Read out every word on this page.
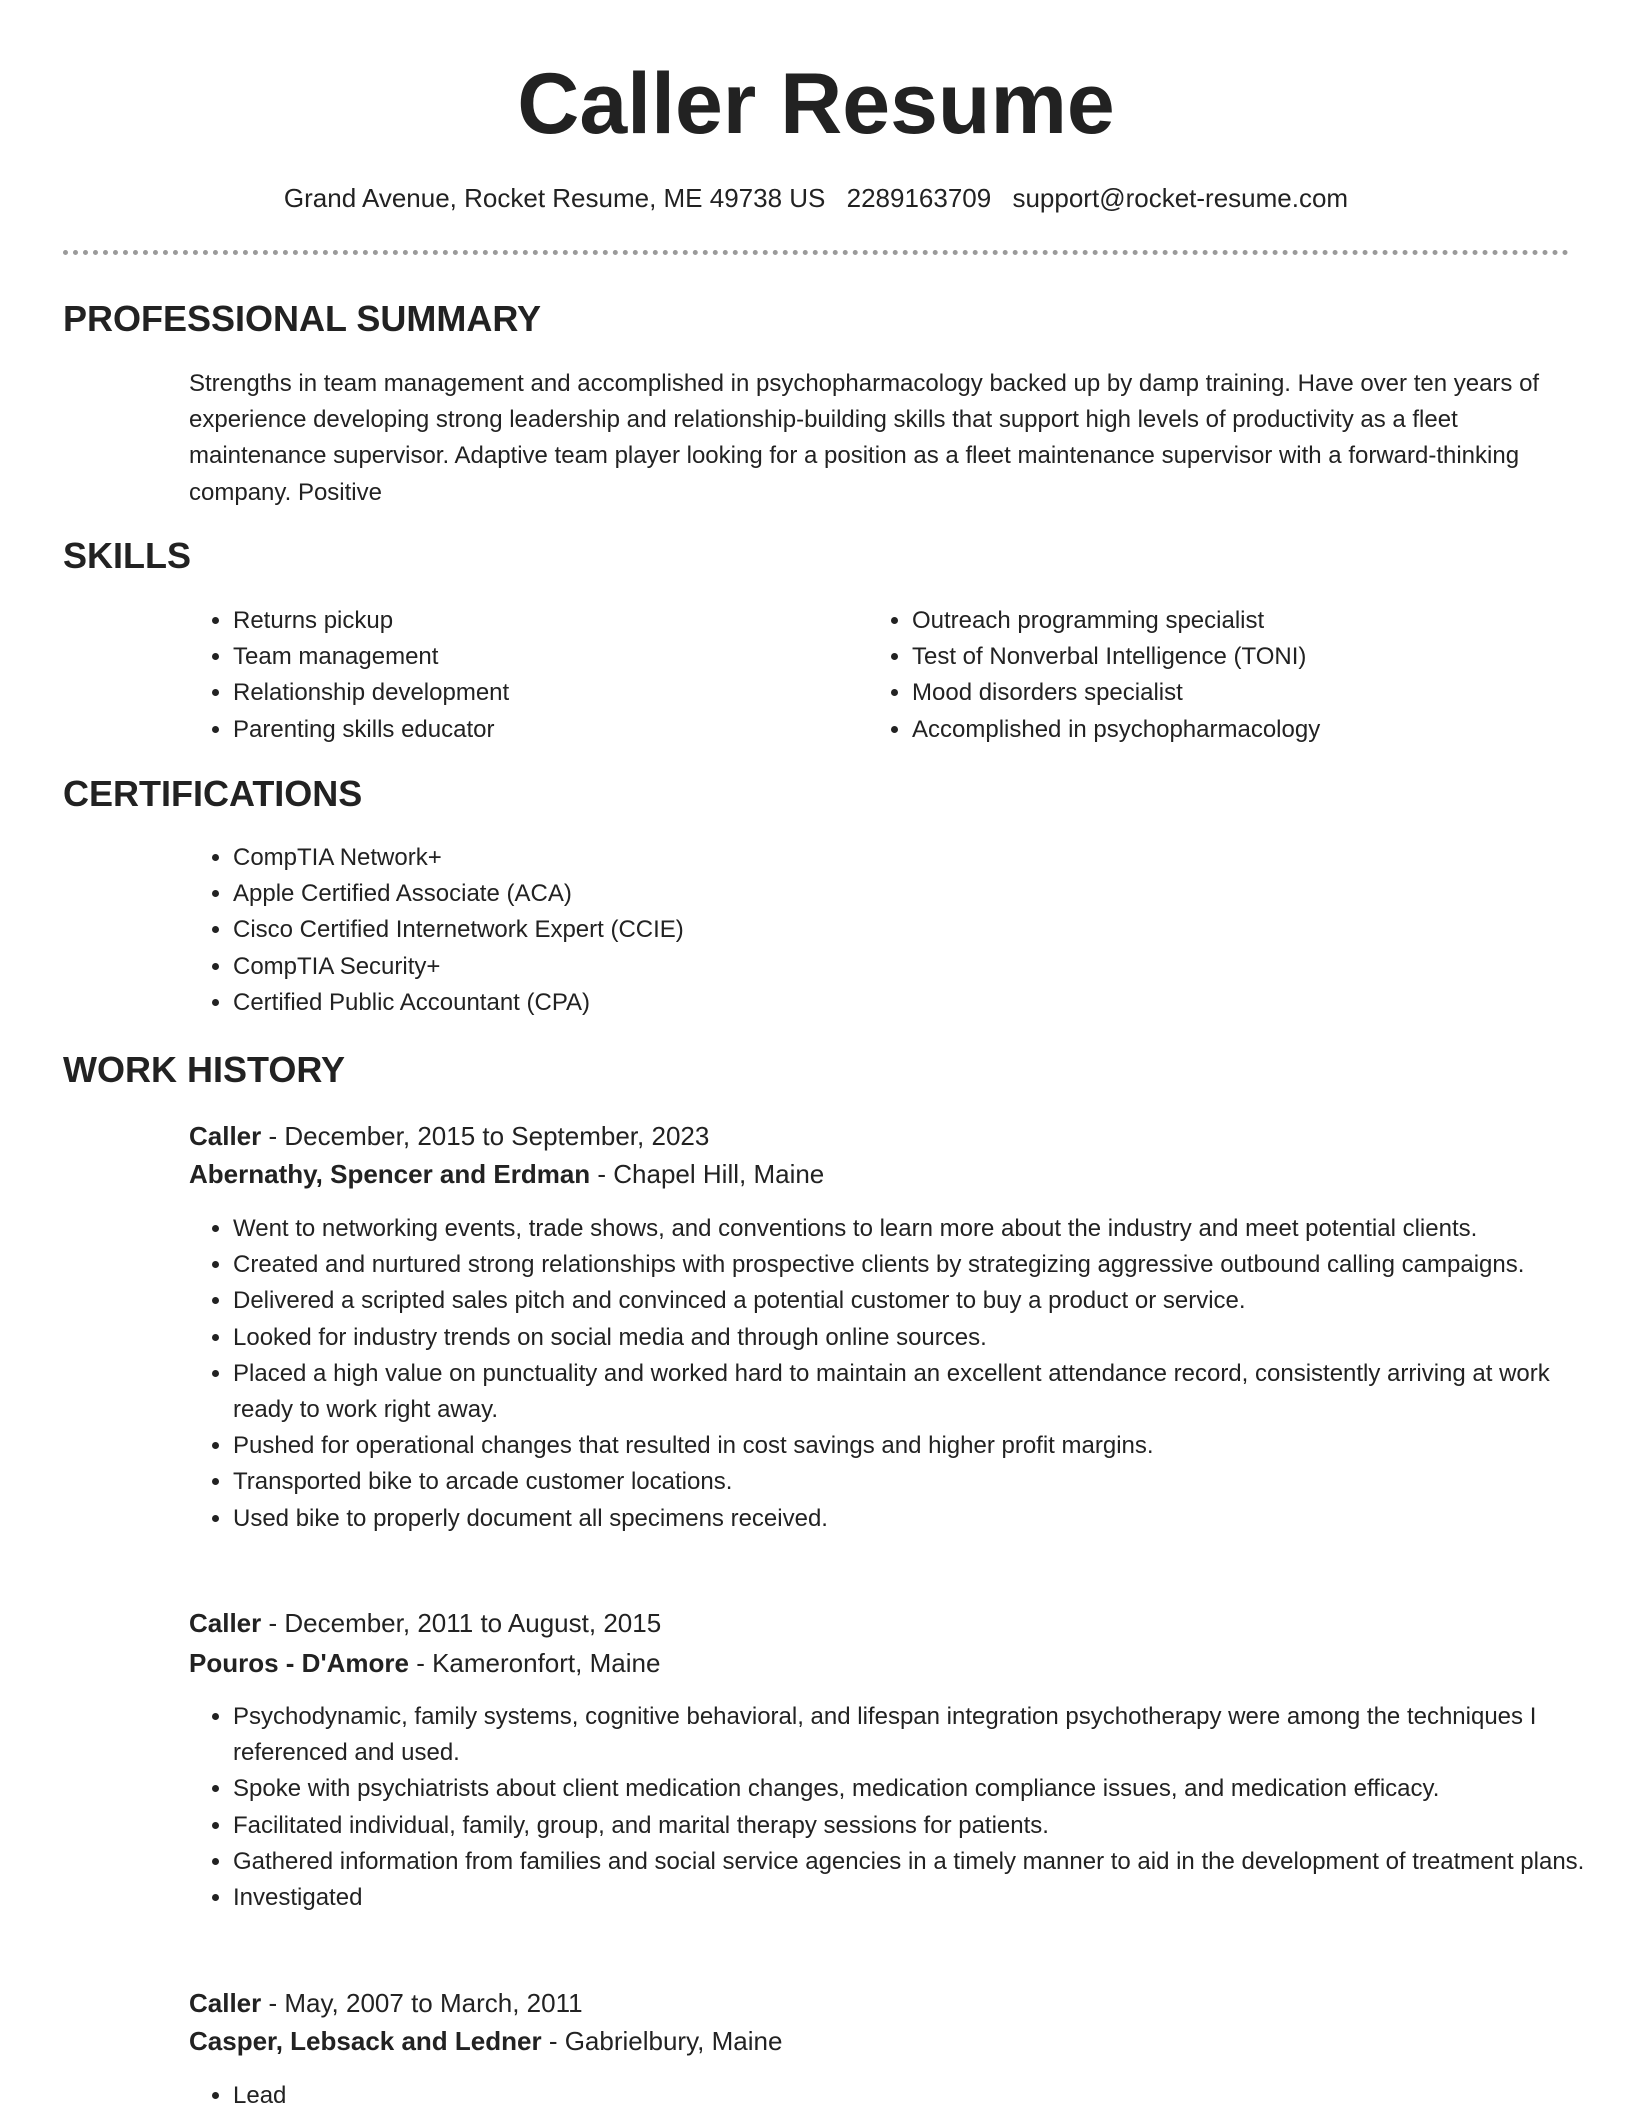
Caller Resume
Grand Avenue, Rocket Resume, ME 49738 US 2289163709 support@rocket-resume.com
PROFESSIONAL SUMMARY

Strengths in team management and accomplished in psychopharmacology backed up by damp training. Have over ten years of experience developing strong leadership and relationship-building skills that support high levels of productivity as a fleet maintenance supervisor. Adaptive team player looking for a position as a fleet maintenance supervisor with a forward-thinking company. Positive

SKILLS
• Returns pickup
• Team management
• Relationship development
• Parenting skills educator
• Outreach programming specialist
• Test of Nonverbal Intelligence (TONI)
• Mood disorders specialist
• Accomplished in psychopharmacology
CERTIFICATIONS
• CompTIA Network+
• Apple Certified Associate (ACA)
• Cisco Certified Internetwork Expert (CCIE)
• CompTIA Security+
• Certified Public Accountant (CPA)
WORK HISTORY

Caller - December, 2015 to September, 2023

Abernathy, Spencer and Erdman - Chapel Hill, Maine

• Went to networking events, trade shows, and conventions to learn more about the industry and meet potential clients.
• Created and nurtured strong relationships with prospective clients by strategizing aggressive outbound calling campaigns.
• Delivered a scripted sales pitch and convinced a potential customer to buy a product or service.
• Looked for industry trends on social media and through online sources.
• Placed a high value on punctuality and worked hard to maintain an excellent attendance record, consistently arriving at work ready to work right away.
• Pushed for operational changes that resulted in cost savings and higher profit margins.
• Transported bike to arcade customer locations.
• Used bike to properly document all specimens received.

Caller - December, 2011 to August, 2015

Pouros - D'Amore - Kameronfort, Maine

• Psychodynamic, family systems, cognitive behavioral, and lifespan integration psychotherapy were among the techniques I referenced and used.
• Spoke with psychiatrists about client medication changes, medication compliance issues, and medication efficacy.
• Facilitated individual, family, group, and marital therapy sessions for patients.
• Gathered information from families and social service agencies in a timely manner to aid in the development of treatment plans.
• Investigated

Caller - May, 2007 to March, 2011

Casper, Lebsack and Ledner - Gabrielbury, Maine

• Lead
